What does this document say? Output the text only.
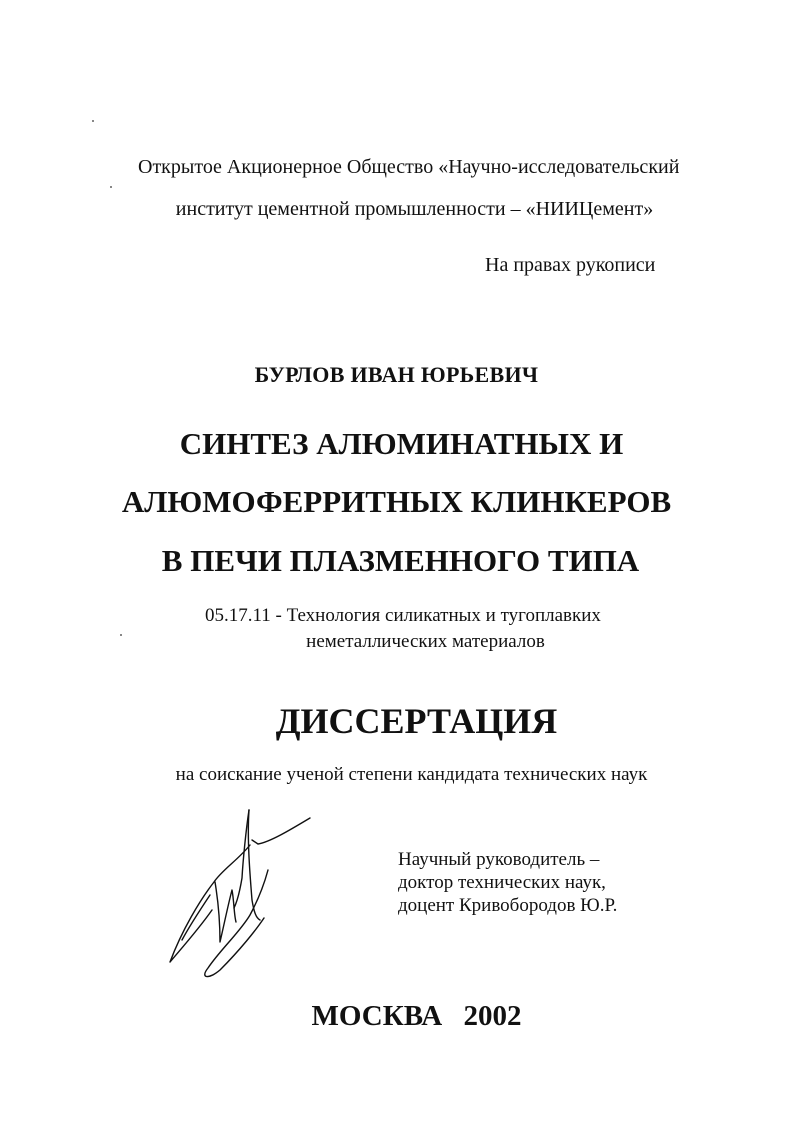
Открытое Акционерное Общество «Научно-исследовательский
институт цементной промышленности – «НИИЦемент»
На правах рукописи
БУРЛОВ ИВАН ЮРЬЕВИЧ
СИНТЕЗ АЛЮМИНАТНЫХ И
АЛЮМОФЕРРИТНЫХ КЛИНКЕРОВ
В ПЕЧИ ПЛАЗМЕННОГО ТИПА
05.17.11 - Технология силикатных и тугоплавких
неметаллических материалов
ДИССЕРТАЦИЯ
на соискание ученой степени кандидата технических наук
Научный руководитель –
доктор технических наук,
доцент Кривобородов Ю.Р.
МОСКВА 2002
